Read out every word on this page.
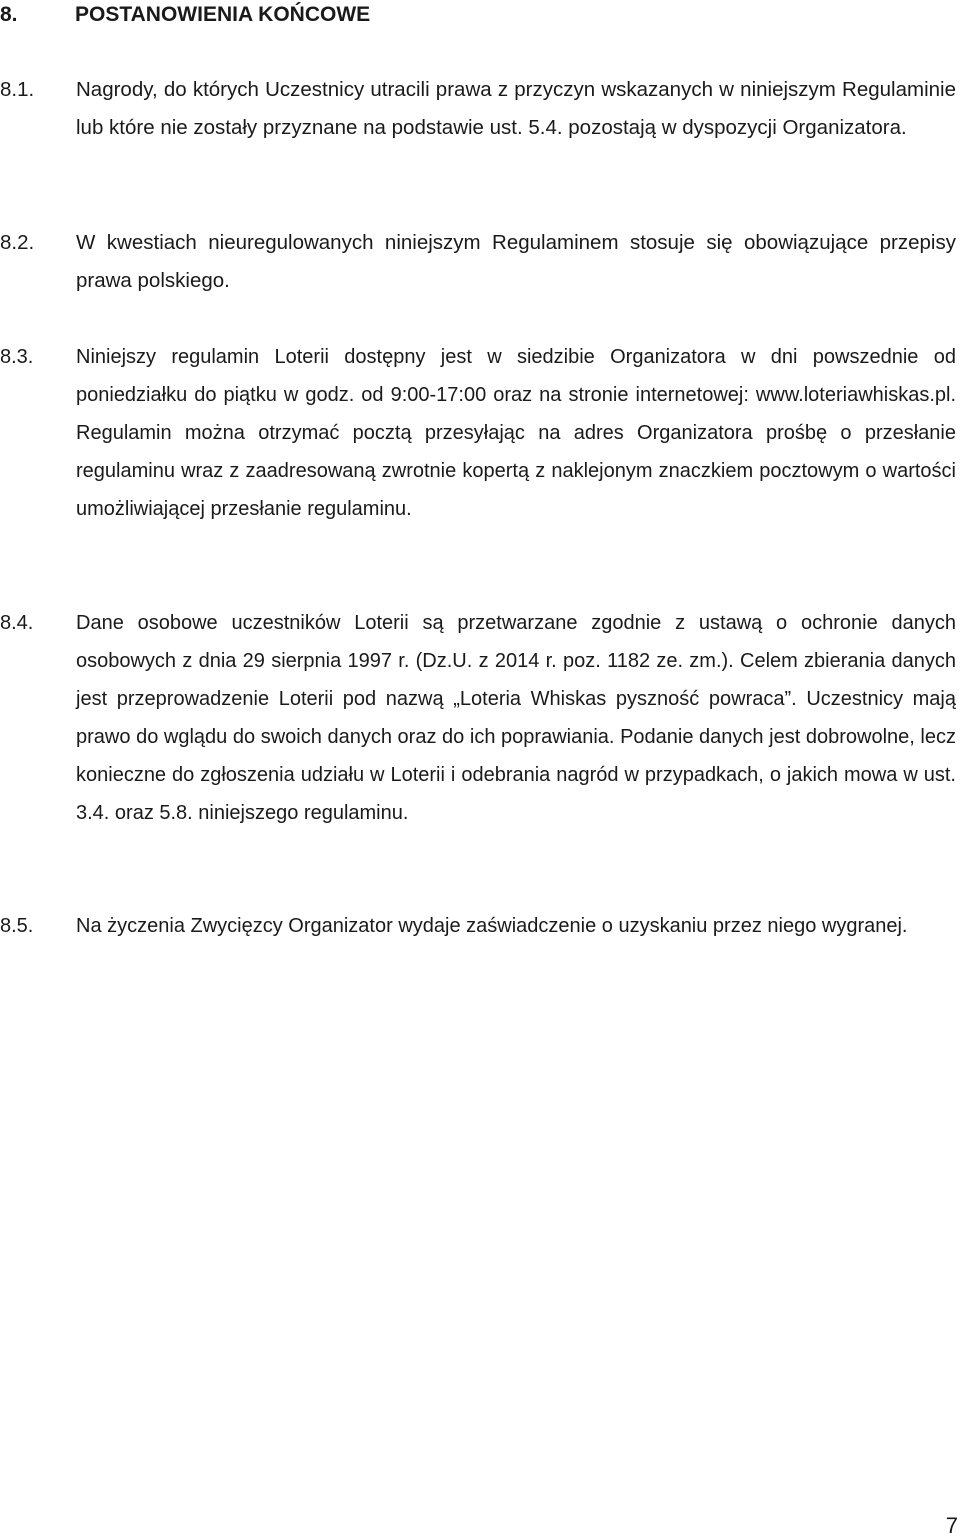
8.	POSTANOWIENIA KOŃCOWE
8.1. Nagrody, do których Uczestnicy utracili prawa z przyczyn wskazanych w niniejszym Regulaminie lub które nie zostały przyznane na podstawie ust. 5.4. pozostają w dyspozycji Organizatora.
8.2. W kwestiach nieuregulowanych niniejszym Regulaminem stosuje się obowiązujące przepisy prawa polskiego.
8.3. Niniejszy regulamin Loterii dostępny jest w siedzibie Organizatora w dni powszednie od poniedziałku do piątku w godz. od 9:00-17:00 oraz na stronie internetowej: www.loteriawhiskas.pl. Regulamin można otrzymać pocztą przesyłając na adres Organizatora prośbę o przesłanie regulaminu wraz z zaadresowaną zwrotnie kopertą z naklejonym znaczkiem pocztowym o wartości umożliwiającej przesłanie regulaminu.
8.4. Dane osobowe uczestników Loterii są przetwarzane zgodnie z ustawą o ochronie danych osobowych z dnia 29 sierpnia 1997 r. (Dz.U. z 2014 r. poz. 1182 ze. zm.). Celem zbierania danych jest przeprowadzenie Loterii pod nazwą „Loteria Whiskas pyszność powraca”. Uczestnicy mają prawo do wglądu do swoich danych oraz do ich poprawiania. Podanie danych jest dobrowolne, lecz konieczne do zgłoszenia udziału w Loterii i odebrania nagród w przypadkach, o jakich mowa w ust. 3.4. oraz 5.8. niniejszego regulaminu.
8.5. Na życzenia Zwycięzcy Organizator wydaje zaświadczenie o uzyskaniu przez niego wygranej.
7
